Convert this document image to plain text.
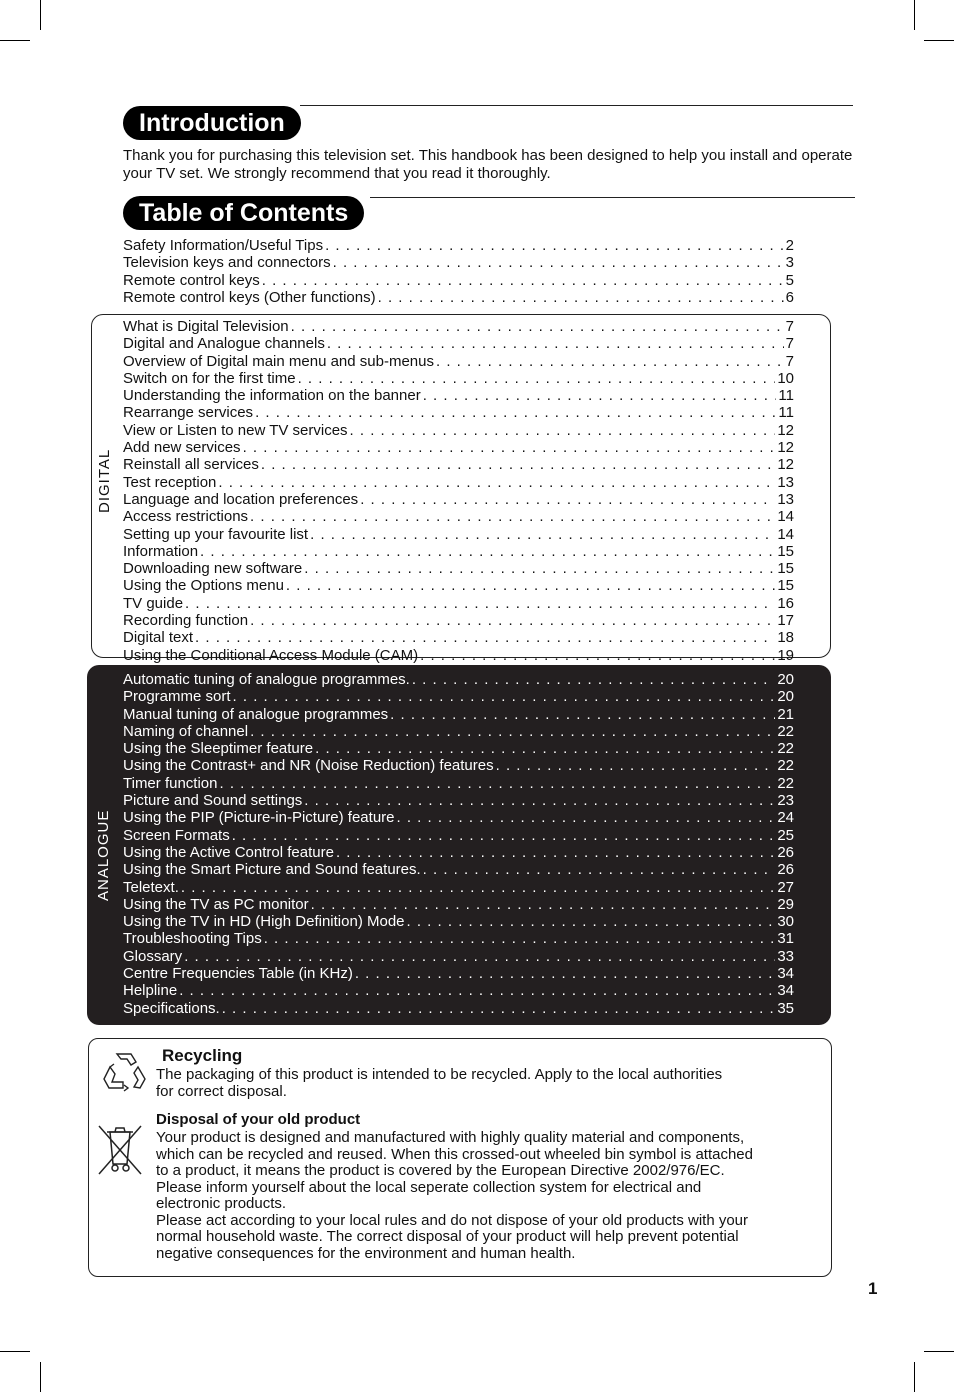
Introduction
Thank you for purchasing this television set. This handbook has been designed to help you install and operate your TV set. We strongly recommend that you read it thoroughly.
Table of Contents
Safety Information/Useful Tips . . .	2
Television keys and connectors . . .	3
Remote control keys . . .	5
Remote control keys (Other functions) . . .	6
DIGITAL
What is Digital Television . . .	7
Digital and Analogue channels . . .	7
Overview of Digital main menu and sub-menus . . .	7
Switch on for the first time . . .	10
Understanding the information on the banner . . .	11
Rearrange services . . .	11
View or Listen to new TV services . . .	12
Add new services . . .	12
Reinstall all services . . .	12
Test reception . . .	13
Language and location preferences . . .	13
Access restrictions . . .	14
Setting up your favourite list . . .	14
Information . . .	15
Downloading new software . . .	15
Using the Options menu . . .	15
TV guide . . .	16
Recording function . . .	17
Digital text . . .	18
Using the Conditional Access Module (CAM) . . .	19
ANALOGUE
Automatic tuning of analogue programmes. . . .	20
Programme sort . . .	20
Manual tuning of analogue programmes . . .	21
Naming of channel . . .	22
Using the Sleeptimer feature . . .	22
Using the Contrast+ and NR (Noise Reduction) features . . .	22
Timer function . . .	22
Picture and Sound settings . . .	23
Using the PIP (Picture-in-Picture) feature . . .	24
Screen Formats . . .	25
Using the Active Control feature . . .	26
Using the Smart Picture and Sound features. . . .	26
Teletext. . . .	27
Using the TV as PC monitor . . .	29
Using the TV in HD (High Definition) Mode . . .	30
Troubleshooting Tips . . .	31
Glossary . . .	33
Centre Frequencies Table (in KHz) . . .	34
Helpline . . .	34
Specifications. . . .	35
Recycling
The packaging of this product is intended to be recycled. Apply to the local authorities
for correct disposal.
Disposal of your old product
Your product is designed and manufactured with highly quality material and components,
which can be recycled and reused. When this crossed-out wheeled bin symbol is attached
to a product, it means the product is covered by the European Directive 2002/976/EC.
Please inform yourself about the local seperate collection system for electrical and
electronic products.
Please act according to your local rules and do not dispose of your old products with your
normal household waste. The correct disposal of your product will help prevent potential
negative consequences for the environment and human health.
1
